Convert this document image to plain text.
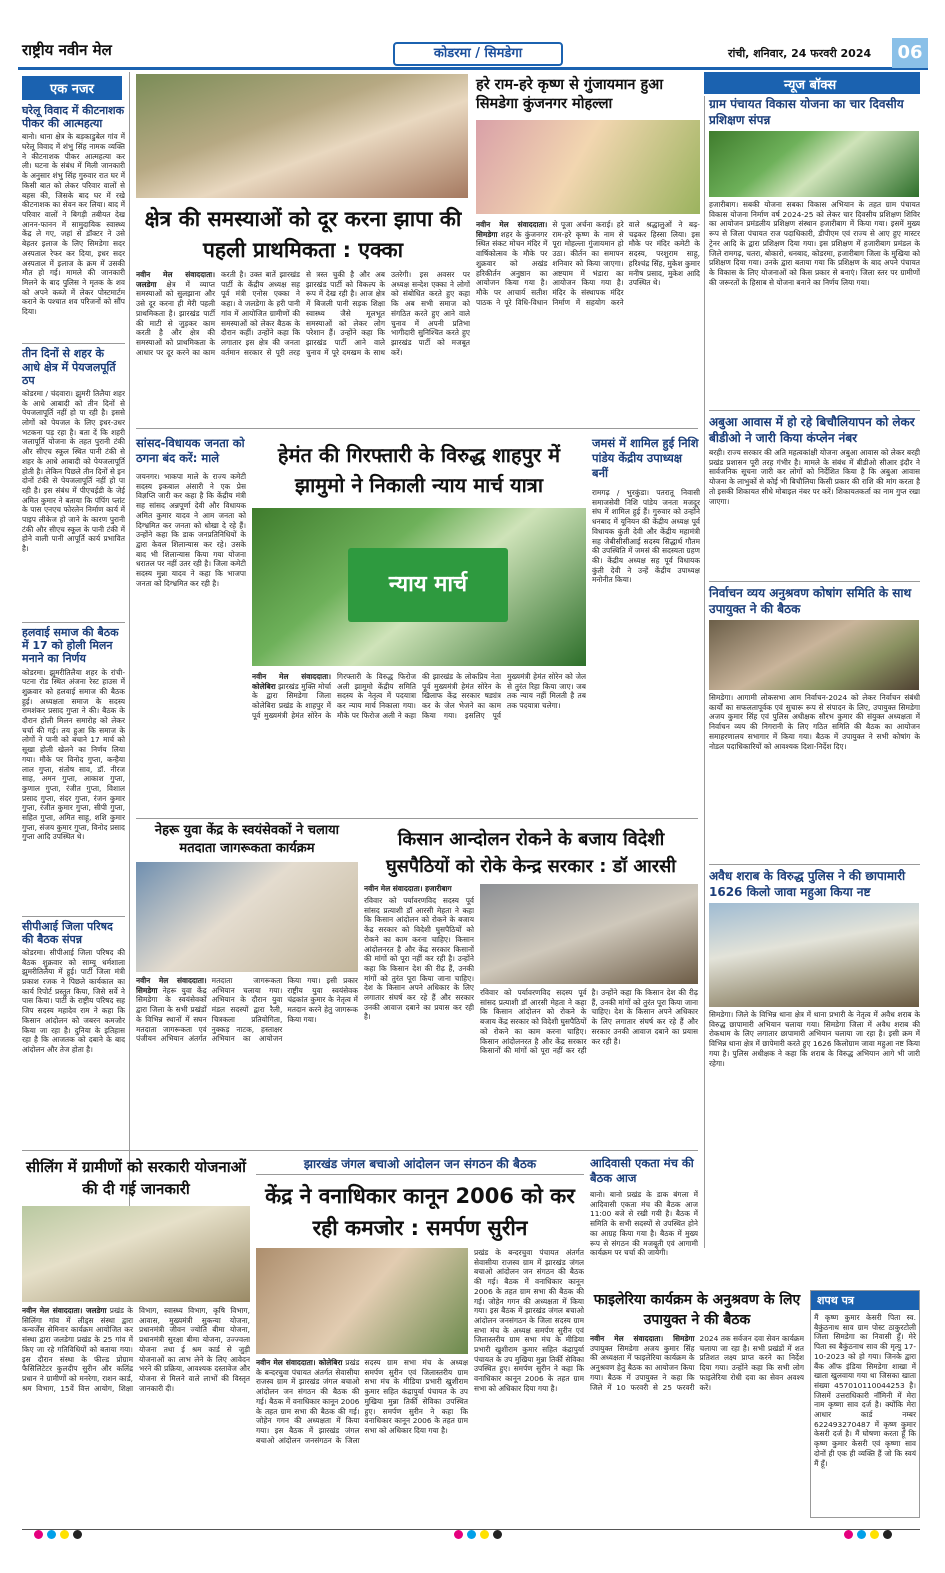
राष्ट्रीय नवीन मेल	कोडरमा / सिमडेगा	रांची, शनिवार, 24 फरवरी 2024	06
एक नजर
घरेलू विवाद में कीटनाशक पीकर की आत्महत्या
बानो। थाना क्षेत्र के बड़काडुबेल गांव में घरेलू विवाद में शंभु सिंह नामक व्यक्ति ने कीटनाशक पीकर आत्महत्या कर ली। घटना के संबंध में मिली जानकारी के अनुसार शंभु सिंह गुरुवार रात घर में किसी बात को लेकर परिवार वालों से बहस की, जिसके बाद घर में रखे कीटनाशक का सेवन कर लिया। बाद में परिवार वालों ने बिगड़ी तबीयत देख आनन-फानन में सामुदायिक स्वास्थ्य केंद्र ले गए, जहां से डॉक्टर ने उसे बेहतर इलाज के लिए सिमडेगा सदर अस्पताल रेफर कर दिया, इधर सदर अस्पताल में इलाज के क्रम में उसकी मौत हो गई। मामले की जानकारी मिलने के बाद पुलिस ने मृतक के शव को अपने कब्जे में लेकर पोस्टमार्टम कराने के पश्चात शव परिजनों को सौंप दिया।
तीन दिनों से शहर के आधे क्षेत्र में पेयजलपूर्ति ठप
कोडरमा / चंदवारा। झुमरी तिलैया शहर के आधे आबादी को तीन दिनों से पेयजलापूर्ति नहीं हो पा रही है। इससे लोगों को पेयजल के लिए इधर-उधर भटकना पड़ रहा है। बता दें कि शहरी जलापूर्ति योजना के तहत पुरानी टंकी और सीएच स्कूल स्थित पानी टंकी से शहर के आधे आबादी को पेयजलापूर्ति होती है। लेकिन पिछले तीन दिनों से इन दोनों टंकी से पेयजलापूर्ति नहीं हो पा रही है। इस संबंध में पीएचईडी के जेई अमित कुमार ने बताया कि पंपिंग प्लांट के पास एनएच फोरलेन निर्माण कार्य में पाइप लीकेज हो जाने के कारण पुरानी टंकी और सीएच स्कूल के पानी टंकी में होने वाली पानी आपूर्ति कार्य प्रभावित है।
हलवाई समाज की बैठक में 17 को होली मिलन मनाने का निर्णय
कोडरमा। झुमरीतिलैया शहर के रांची-पटना रोड स्थित अंजना रेस्ट हाउस में शुक्रवार को हलवाई समाज की बैठक हुई। अध्यक्षता समाज के सदस्य रामशंकर प्रसाद गुप्ता ने की। बैठक के दौरान होली मिलन समारोह को लेकर चर्चा की गई। तय हुआ कि समाज के लोगों ने पानी को बचाने 17 मार्च को सूखा होली खेलने का निर्णय लिया गया। मौके पर विनोद गुप्ता, कन्हैया लाल गुप्ता, संतोष साव, डॉ. नीरज साह, अमन गुप्ता, आकाश गुप्ता, कुणाल गुप्ता, रंजीत गुप्ता, विशाल प्रसाद गुप्ता, संदर गुप्ता, रंजन कुमार गुप्ता, रंजीत कुमार गुप्ता, सीपी गुप्ता, सहित गुप्ता, अमित साहू, शशि कुमार गुप्ता, संजय कुमार गुप्ता, विनोद प्रसाद गुप्ता आदि उपस्थित थे।
सीपीआई जिला परिषद की बैठक संपन्न
कोडरमा। सीपीआई जिला परिषद की बैठक शुक्रवार को साम्यू धर्मशाला झुमरीतिलैया में हुई। पार्टी जिला मंत्री प्रकाश रजक ने पिछले कार्यकाल का कार्य रिपोर्ट प्रस्तुत किया, जिसे सर्वे ने पास किया। पार्टी के राष्ट्रीय परिषद सह जिप सदस्य महादेव राम ने कहा कि किसान आंदोलन को जबरन कमजोर किया जा रहा है। दुनिया के इतिहास रहा है कि आजतक को दबाने के बाद आंदोलन और तेज होता है।
क्षेत्र की समस्याओं को दूर करना झापा की पहली प्राथमिकता : एक्का
नवीन मेल संवाददाता। जलडेगा क्षेत्र में व्याप्त समस्याओं को सुलझाना और उसे दूर करना ही मेरी पहली प्राथमिकता है। झारखंड पार्टी की माटी से जुड़कर काम करती है और क्षेत्र की समस्याओं को प्राथमिकता के आधार पर दूर करने का काम करती है। उक्त बातें झारखंड पार्टी के केंद्रीय अध्यक्ष सह पूर्व मंत्री एनोस एक्का ने कहा। वे जलडेगा के हरी पानी गांव में आयोजित ग्रामीणों की समस्याओं को लेकर बैठक के दौरान कहीं। उन्होंने कहा कि लगातार इस क्षेत्र की जनता वर्तमान सरकार से पूरी तरह से त्रस्त चुकी है और अब झारखंड पार्टी को विकल्प के रूप में देख रही है। आज क्षेत्र में बिजली पानी सड़क शिक्षा स्वास्थ्य जैसे मूलभूत समस्याओं को लेकर लोग परेशान हैं। उन्होंने कहा कि झारखंड पार्टी आने वाले चुनाव में पूरे दमखम के साथ उतरेगी। इस अवसर पर अध्यक्ष सन्देश एक्का ने लोगों को संबोधित करते हुए कहा कि अब सभी समाज को संगठित करते हुए आने वाले चुनाव में अपनी प्रतिभा भागीदारी सुनिश्चित करते हुए झारखंड पार्टी को मजबूत करें।
हरे राम-हरे कृष्ण से गुंजायमान हुआ सिमडेगा कुंजनगर मोहल्ला
नवीन मेल संवाददाता। सिमडेगा शहर के कुंजनगर स्थित संकट मोचन मंदिर में वार्षिकोत्सव के मौके पर शुक्रवार को अखंड हरिकीर्तन अनुष्ठान का आयोजन किया गया है। मौके पर आचार्य सतीश पाठक ने पूरे विधि-विधान से पूजा अर्चना कराई। हरे राम-हरे कृष्ण के नाम से पूरा मोहल्ला गुंजायमान हो उठा। कीर्तन का समापन शनिवार को किया जाएगा। अष्टयाम में भंडारा का आयोजन किया गया है। मंदिर के संस्थापक मंदिर निर्माण में सहयोग करने वाले श्रद्धालुओं ने बढ़-चढ़कर हिस्सा लिया। इस मौके पर मंदिर कमेटी के सदस्य, परशुराम साहू, हरिश्चंद्र सिंह, मुकेश कुमार मनीष प्रसाद, मुकेश आदि उपस्थित थे।
न्यूज बॉक्स
ग्राम पंचायत विकास योजना का चार दिवसीय प्रशिक्षण संपन्न
हजारीबाग। सबकी योजना सबका विकास अभियान के तहत ग्राम पंचायत विकास योजना निर्माण वर्ष 2024-25 को लेकर चार दिवसीय प्रशिक्षण शिविर का आयोजन प्रमंडलीय प्रशिक्षण संस्थान हजारीबाग में किया गया। इसमें मुख्य रूप से जिला पंचायत राज पदाधिकारी, डीपीएम एवं राज्य से आए हुए मास्टर ट्रेनर आदि के द्वारा प्रशिक्षण दिया गया। इस प्रशिक्षण में हजारीबाग प्रमंडल के जिले रामगढ़, चतरा, बोकारो, धनबाद, कोडरमा, हजारीबाग जिला के मुखिया को प्रशिक्षण दिया गया। उनके द्वारा बताया गया कि प्रशिक्षण के बाद अपने पंचायत के विकास के लिए योजनाओं को किस प्रकार से बनाएं। जिला स्तर पर ग्रामीणों की जरूरतों के हिसाब से योजना बनाने का निर्णय लिया गया।
अबुआ आवास में हो रहे बिचौलियापन को लेकर बीडीओ ने जारी किया कंप्लेन नंबर
बरही। राज्य सरकार की अति महत्वकांक्षी योजना अबुआ आवास को लेकर बरही प्रखंड प्रशासन पूरी तरह गंभीर है। मामले के संबंध में बीडीओ सीआर इंदौर ने सार्वजनिक सूचना जारी कर लोगों को निर्देशित किया है कि अबुआ आवास योजना के लाभुकों से कोई भी बिचौलिया किसी प्रकार की राशि की मांग करता है तो इसकी शिकायत सीधे मोबाइल नंबर पर करें। शिकायतकर्ता का नाम गुप्त रखा जाएगा।
निर्वाचन व्यय अनुश्रवण कोषांग समिति के साथ उपायुक्त ने की बैठक
सिमडेगा। आगामी लोकसभा आम निर्वाचन-2024 को लेकर निर्वाचन संबंधी कार्यों का सफलतापूर्वक एवं सुचारू रूप से संपादन के लिए, उपायुक्त सिमडेगा अजय कुमार सिंह एवं पुलिस अधीक्षक सौरभ कुमार की संयुक्त अध्यक्षता में निर्वाचन व्यय की निगरानी के लिए गठित समिति की बैठक का आयोजन समाहरणालय सभागार में किया गया। बैठक में उपायुक्त ने सभी कोषांग के नोडल पदाधिकारियों को आवश्यक दिशा-निर्देश दिए।
अवैध शराब के विरुद्ध पुलिस ने की छापामारी 1626 किलो जावा महुआ किया नष्ट
सिमडेगा। जिले के विभिन्न थाना क्षेत्र में थाना प्रभारी के नेतृत्व में अवैध शराब के विरुद्ध छापामारी अभियान चलाया गया। सिमडेगा जिला में अवैध शराब की रोकथाम के लिए लगातार छापामारी अभियान चलाया जा रहा है। इसी क्रम में विभिन्न थाना क्षेत्र में छापेमारी करते हुए 1626 किलोग्राम जावा महुआ नष्ट किया गया है। पुलिस अधीक्षक ने कहा कि शराब के विरुद्ध अभियान आगे भी जारी रहेगा।
सांसद-विधायक जनता को ठगना बंद करें: माले
जयनगर। भाकपा माले के राज्य कमेटी सदस्य इकबाल अंसारी ने एक प्रेस विज्ञप्ति जारी कर कहा है कि केंद्रीय मंत्री सह सांसद अन्नपूर्णा देवी और विधायक अमित कुमार यादव ने आम जनता को दिग्भ्रमित कर जनता को धोखा दे रहे हैं। उन्होंने कहा कि डाक जनप्रतिनिधियों के द्वारा केवल शिलान्यास कर रहे। उसके बाद भी शिलान्यास किया गया योजना धरातल पर नहीं उतर रही है। जिला कमेटी सदस्य मुन्ना यादव ने कहा कि भाजपा जनता को दिग्भ्रमित कर रही है।
हेमंत की गिरफ्तारी के विरुद्ध शाहपुर में झामुमो ने निकाली न्याय मार्च यात्रा
न्याय मार्च
नवीन मेल संवाददाता। कोलेबिरा झारखंड मुक्ति मोर्चा के द्वारा सिमडेगा जिला कोलेबिरा प्रखंड के शाहपुर में पूर्व मुख्यमंत्री हेमंत सोरेन के गिरफ्तारी के विरुद्ध फिरोज अली झामुमो केंद्रीय समिति सदस्य के नेतृत्व में पदयात्रा कर न्याय मार्च निकाला गया। मौके पर फिरोज अली ने कहा की झारखंड के लोकप्रिय नेता पूर्व मुख्यमंत्री हेमंत सोरेन के खिलाफ केंद्र सरकार षड्यंत्र कर के जेल भेजने का काम किया गया। इसलिए पूर्व मुख्यमंत्री हेमंत सोरेन को जेल से तुरंत रिहा किया जाए। जब तक न्याय नहीं मिलती है तब तक पदयात्रा चलेगा।
जमसं में शामिल हुई निशि पांडेय केंद्रीय उपाध्यक्ष बनीं
रामगढ़ / भुरकुंडा। पतरातू निवासी समाजसेवी निशि पांडेय जनता मजदूर संघ में शामिल हुई हैं। गुरुवार को उन्होंने धनबाद में यूनियन की केंद्रीय अध्यक्ष पूर्व विधायक कुंती देवी और केंद्रीय महामंत्री सह जेबीसीसीआई सदस्य सिद्धार्थ गौतम की उपस्थिति में जमसं की सदस्यता ग्रहण की। केंद्रीय अध्यक्ष सह पूर्व विधायक कुंती देवी ने उन्हें केंद्रीय उपाध्यक्ष मनोनीत किया।
नेहरू युवा केंद्र के स्वयंसेवकों ने चलाया मतदाता जागरूकता कार्यक्रम
नवीन मेल संवाददाता। सिमडेगा नेहरू युवा केंद्र सिमडेगा के स्वयंसेवकों द्वारा जिला के सभी प्रखंडों के विभिन्न स्थानों में सघन मतदाता जागरूकता एवं पंजीयन अभियान अंतर्गत मतदाता जागरूकता अभियान चलाया गया। अभियान के दौरान युवा मंडल सदस्यों द्वारा रैली, चित्रकला प्रतियोगिता, नुक्कड़ नाटक, हस्ताक्षर अभियान का आयोजन किया गया। इसी प्रकार राष्ट्रीय युवा स्वयंसेवक चंद्रकांत कुमार के नेतृत्व में मतदान करने हेतु जागरूक किया गया।
किसान आन्दोलन रोकने के बजाय विदेशी घुसपैठियों को रोके केन्द्र सरकार : डॉ आरसी
नवीन मेल संवाददाता। हजारीबाग
रविवार को पर्यावरणविद सदस्य पूर्व सांसद प्रत्याशी डॉ आरसी मेहता ने कहा कि किसान आंदोलन को रोकने के बजाय केंद्र सरकार को विदेशी घुसपैठियों को रोकने का काम करना चाहिए। किसान आंदोलनरत है और केंद्र सरकार किसानों की मांगों को पूरा नहीं कर रही है। उन्होंने कहा कि किसान देश की रीढ़ हैं, उनकी मांगों को तुरंत पूरा किया जाना चाहिए। देश के किसान अपने अधिकार के लिए लगातार संघर्ष कर रहे हैं और सरकार उनकी आवाज दबाने का प्रयास कर रही है।
रविवार को पर्यावरणविद सदस्य पूर्व सांसद प्रत्याशी डॉ आरसी मेहता ने कहा कि किसान आंदोलन को रोकने के बजाय केंद्र सरकार को विदेशी घुसपैठियों को रोकने का काम करना चाहिए। किसान आंदोलनरत है और केंद्र सरकार किसानों की मांगों को पूरा नहीं कर रही है। उन्होंने कहा कि किसान देश की रीढ़ हैं, उनकी मांगों को तुरंत पूरा किया जाना चाहिए। देश के किसान अपने अधिकार के लिए लगातार संघर्ष कर रहे हैं और सरकार उनकी आवाज दबाने का प्रयास कर रही है।
सीलिंग में ग्रामीणों को सरकारी योजनाओं की दी गई जानकारी
नवीन मेल संवाददाता। जलडेगा प्रखंड के सिलिंगा गांव में लीड्स संस्था द्वारा कन्वर्जेंस सेमिनार कार्यक्रम आयोजित कर संस्था द्वारा जलडेगा प्रखंड के 25 गांव में किए जा रहे गतिविधियों को बताया गया। इस दौरान संस्था के फील्ड प्रोग्राम फैसिलिटेटर कुलदीप सुरीन और कलिंद्र प्रधान ने ग्रामीणों को मनरेगा, राशन कार्ड, श्रम विभाग, 15वें वित्त आयोग, शिक्षा विभाग, स्वास्थ्य विभाग, कृषि विभाग, आवास, मुख्यमंत्री सुकन्या योजना, प्रधानमंत्री जीवन ज्योति बीमा योजना, प्रधानमंत्री सुरक्षा बीमा योजना, उज्ज्वला योजना तथा ई श्रम कार्ड से जुड़ी योजनाओं का लाभ लेने के लिए आवेदन भरने की प्रक्रिया, आवश्यक दस्तावेज और योजना से मिलने वाले लाभों की विस्तृत जानकारी दी।
झारखंड जंगल बचाओ आंदोलन जन संगठन की बैठक
केंद्र ने वनाधिकार कानून 2006 को कर रही कमजोर : समर्पण सुरीन
नवीन मेल संवाददाता। कोलेबिरा प्रखंड के बन्दरचुवा पंचायत अंतर्गत सेवासीया राजस्व ग्राम में झारखंड जंगल बचाओ आंदोलन जन संगठन की बैठक की गई। बैठक में वनाधिकार कानून 2006 के तहत ग्राम सभा की बैठक की गई। जोहेन गगन की अध्यक्षता में किया गया। इस बैठक में झारखंड जंगल बचाओ आंदोलन जनसंगठन के जिला सदस्य ग्राम सभा मंच के अध्यक्ष समर्पण सुरीन एवं जिलास्तरीय ग्राम सभा मंच के मीडिया प्रभारी खुशीराम कुमार सहित कंद्रापुर्या पंचायत के उप मुखिया मुन्ना तिर्की सेविका उपस्थित हुए। समर्पण सुरीन ने कहा कि वनाधिकार कानून 2006 के तहत ग्राम सभा को अधिकार दिया गया है।
प्रखंड के बन्दरचुवा पंचायत अंतर्गत सेवासीया राजस्व ग्राम में झारखंड जंगल बचाओ आंदोलन जन संगठन की बैठक की गई। बैठक में वनाधिकार कानून 2006 के तहत ग्राम सभा की बैठक की गई। जोहेन गगन की अध्यक्षता में किया गया। इस बैठक में झारखंड जंगल बचाओ आंदोलन जनसंगठन के जिला सदस्य ग्राम सभा मंच के अध्यक्ष समर्पण सुरीन एवं जिलास्तरीय ग्राम सभा मंच के मीडिया प्रभारी खुशीराम कुमार सहित कंद्रापुर्या पंचायत के उप मुखिया मुन्ना तिर्की सेविका उपस्थित हुए। समर्पण सुरीन ने कहा कि वनाधिकार कानून 2006 के तहत ग्राम सभा को अधिकार दिया गया है।
आदिवासी एकता मंच की बैठक आज
बानो। बानो प्रखंड के डाक बंगला में आदिवासी एकता मंच की बैठक आज 11:00 बजे से रखी गयी है। बैठक में समिति के सभी सदस्यों से उपस्थित होने का आग्रह किया गया है। बैठक में मुख्य रूप से संगठन की मजबूती एवं आगामी कार्यक्रम पर चर्चा की जायेगी।
फाइलेरिया कार्यक्रम के अनुश्रवण के लिए उपायुक्त ने की बैठक
नवीन मेल संवाददाता। सिमडेगा उपायुक्त सिमडेगा अजय कुमार सिंह की अध्यक्षता में फाइलेरिया कार्यक्रम के अनुश्रवण हेतु बैठक का आयोजन किया गया। बैठक में उपायुक्त ने कहा कि जिले में 10 फरवरी से 25 फरवरी 2024 तक सर्वजन दवा सेवन कार्यक्रम चलाया जा रहा है। सभी प्रखंडों में शत प्रतिशत लक्ष्य प्राप्त करने का निर्देश दिया गया। उन्होंने कहा कि सभी लोग फाइलेरिया रोधी दवा का सेवन अवश्य करें।
शपथ पत्र
मैं कृष्ण कुमार केसरी पिता स्व. बैकुंठनाथ साव ग्राम पोस्ट ठाकुरटोली जिला सिमडेगा का निवासी हूँ। मेरे पिता स्व बैकुंठनाथ साव की मृत्यु 17-10-2023 को हो गया। जिनके द्वारा बैंक ऑफ इंडिया सिमडेगा शाखा में खाता खुलवाया गया था जिसका खाता संख्या 457010110044253 है। जिसमें उत्तराधिकारी नॉमिनी में मेरा नाम कृष्णा साव दर्ज है। क्योंकि मेरा आधार कार्ड नम्बर 622493270487 में कृष्ण कुमार केसरी दर्ज है। मैं घोषणा करता हूँ कि कृष्ण कुमार केसरी एवं कृष्णा साव दोनों ही एक ही व्यक्ति हैं जो कि स्वयं मैं हूँ।
